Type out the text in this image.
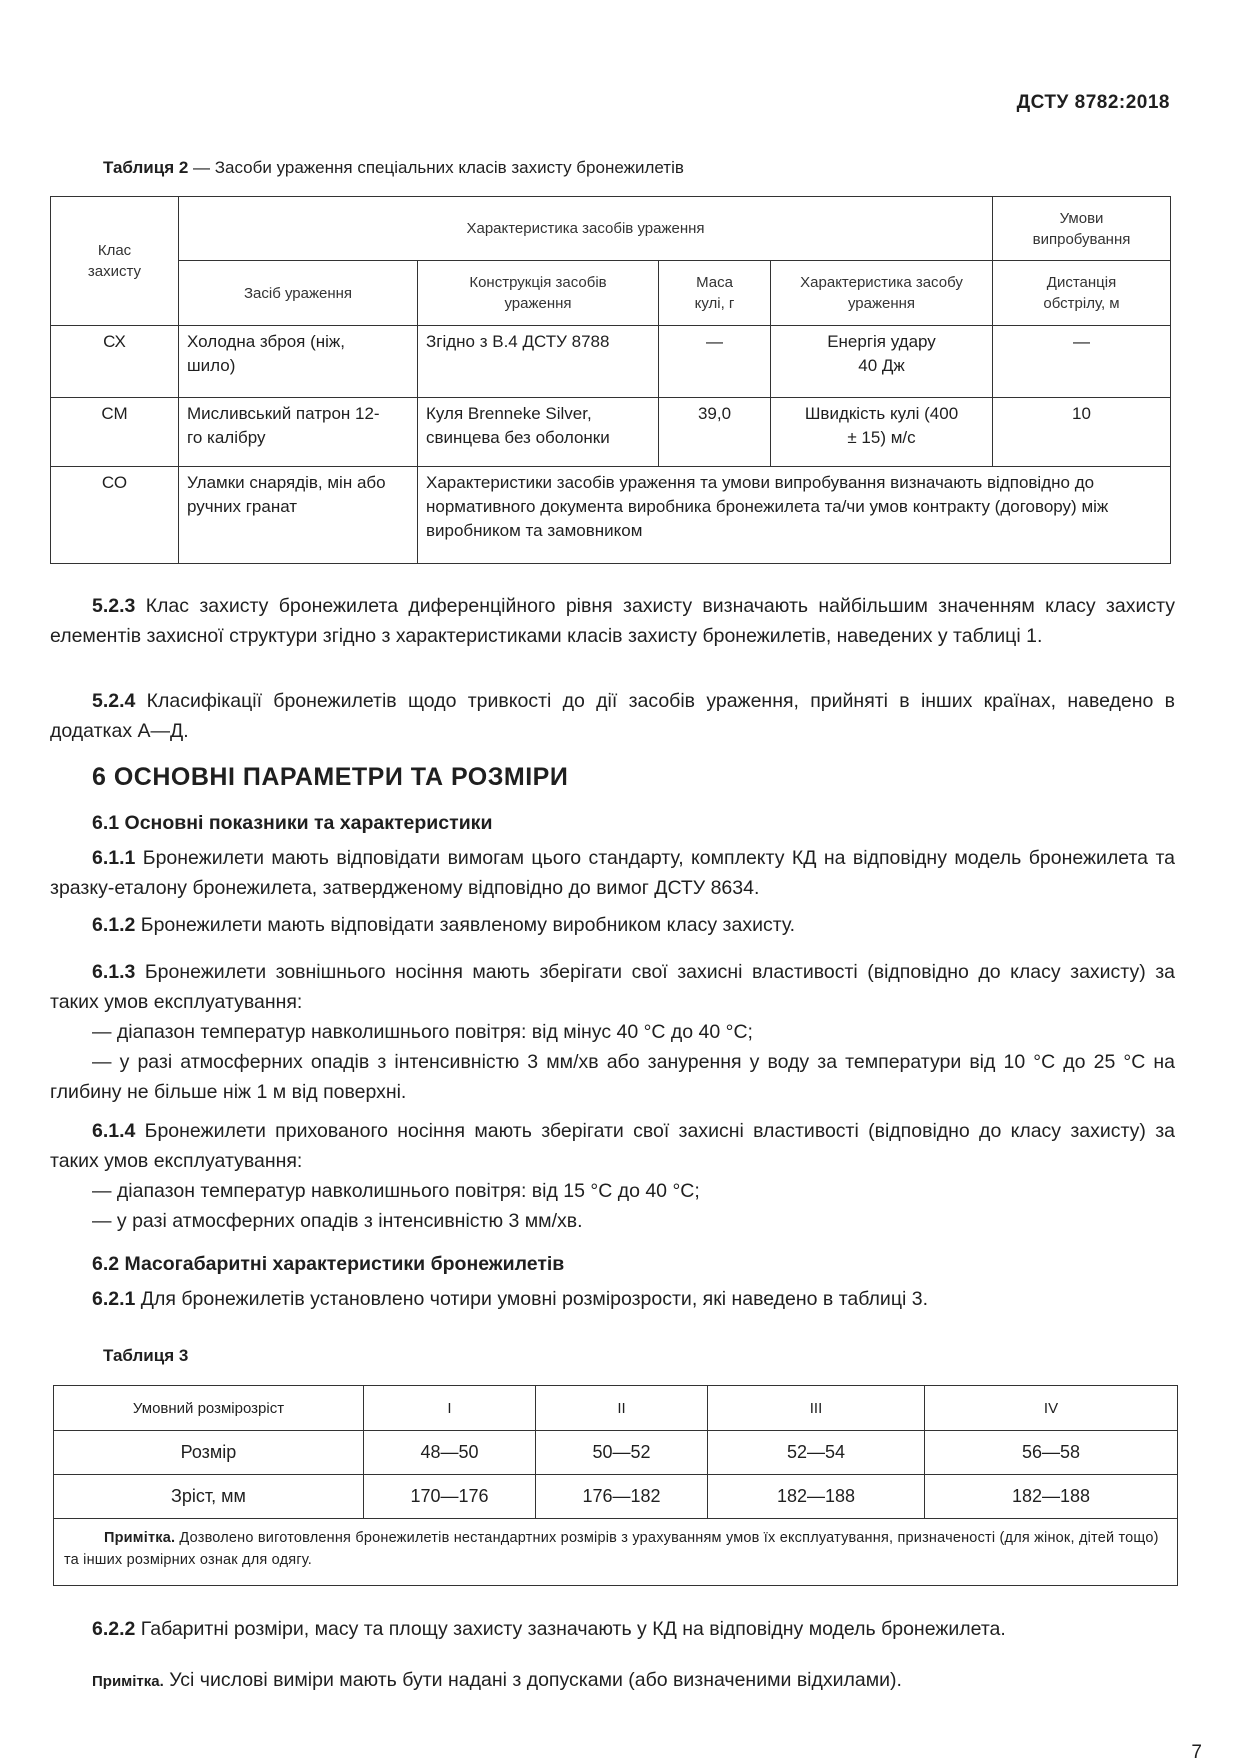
ДСТУ 8782:2018
Таблиця 2 — Засоби ураження спеціальних класів захисту бронежилетів
Клас захисту	Характеристика засобів ураження				Умови випробування
	Засіб ураження	Конструкція засобів ураження	Маса кулі, г	Характеристика засобу ураження	Дистанція обстрілу, м
СХ	Холодна зброя (ніж, шило)	Згідно з В.4 ДСТУ 8788	—	Енергія удару 40 Дж	—
СМ	Мисливський патрон 12-го калібру	Куля Brenneke Silver, свинцева без оболонки	39,0	Швидкість кулі (400 ± 15) м/с	10
СО	Уламки снарядів, мін або ручних гранат	Характеристики засобів ураження та умови випробування визначають відповідно до нормативного документа виробника бронежилета та/чи умов контракту (договору) між виробником та замовником			
5.2.3 Клас захисту бронежилета диференційного рівня захисту визначають найбільшим значенням класу захисту елементів захисної структури згідно з характеристиками класів захисту бронежилетів, наведених у таблиці 1.
5.2.4 Класифікації бронежилетів щодо тривкості до дії засобів ураження, прийняті в інших країнах, наведено в додатках А—Д.
6 ОСНОВНІ ПАРАМЕТРИ ТА РОЗМІРИ
6.1 Основні показники та характеристики
6.1.1 Бронежилети мають відповідати вимогам цього стандарту, комплекту КД на відповідну модель бронежилета та зразку-еталону бронежилета, затвердженому відповідно до вимог ДСТУ 8634.
6.1.2 Бронежилети мають відповідати заявленому виробником класу захисту.
6.1.3 Бронежилети зовнішнього носіння мають зберігати свої захисні властивості (відповідно до класу захисту) за таких умов експлуатування:
— діапазон температур навколишнього повітря: від мінус 40 °С до 40 °С;
— у разі атмосферних опадів з інтенсивністю 3 мм/хв або занурення у воду за температури від 10 °С до 25 °С на глибину не більше ніж 1 м від поверхні.
6.1.4 Бронежилети прихованого носіння мають зберігати свої захисні властивості (відповідно до класу захисту) за таких умов експлуатування:
— діапазон температур навколишнього повітря: від 15 °С до 40 °С;
— у разі атмосферних опадів з інтенсивністю 3 мм/хв.
6.2 Масогабаритні характеристики бронежилетів
6.2.1 Для бронежилетів установлено чотири умовні розмірозрости, які наведено в таблиці 3.
Таблиця 3
Умовний розмірозріст	I	II	III	IV
Розмір	48—50	50—52	52—54	56—58
Зріст, мм	170—176	176—182	182—188	182—188
Примітка. Дозволено виготовлення бронежилетів нестандартних розмірів з урахуванням умов їх експлуатування, призначеності (для жінок, дітей тощо) та інших розмірних ознак для одягу.				
6.2.2 Габаритні розміри, масу та площу захисту зазначають у КД на відповідну модель бронежилета.
Примітка. Усі числові виміри мають бути надані з допусками (або визначеними відхилами).
7
